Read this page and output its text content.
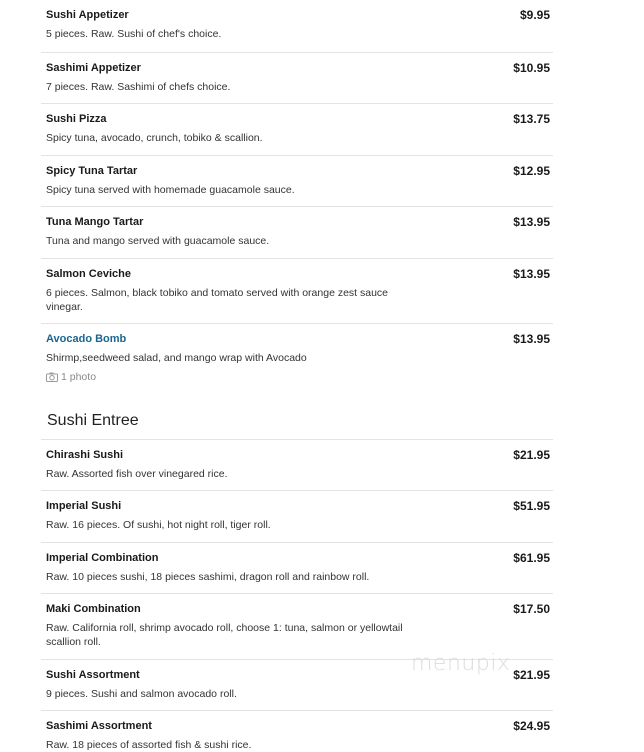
Sushi Appetizer	$9.95
5 pieces. Raw. Sushi of chef's choice.
Sashimi Appetizer	$10.95
7 pieces. Raw. Sashimi of chefs choice.
Sushi Pizza	$13.75
Spicy tuna, avocado, crunch, tobiko & scallion.
Spicy Tuna Tartar	$12.95
Spicy tuna served with homemade guacamole sauce.
Tuna Mango Tartar	$13.95
Tuna and mango served with guacamole sauce.
Salmon Ceviche	$13.95
6 pieces. Salmon, black tobiko and tomato served with orange zest sauce vinegar.
Avocado Bomb	$13.95
Shirmp,seedweed salad, and mango wrap with Avocado
1 photo
Sushi Entree
Chirashi Sushi	$21.95
Raw. Assorted fish over vinegared rice.
Imperial Sushi	$51.95
Raw. 16 pieces. Of sushi, hot night roll, tiger roll.
Imperial Combination	$61.95
Raw. 10 pieces sushi, 18 pieces sashimi, dragon roll and rainbow roll.
Maki Combination	$17.50
Raw. California roll, shrimp avocado roll, choose 1: tuna, salmon or yellowtail scallion roll.
Sushi Assortment	$21.95
9 pieces. Sushi and salmon avocado roll.
Sashimi Assortment	$24.95
Raw. 18 pieces of assorted fish & sushi rice.
menupix
